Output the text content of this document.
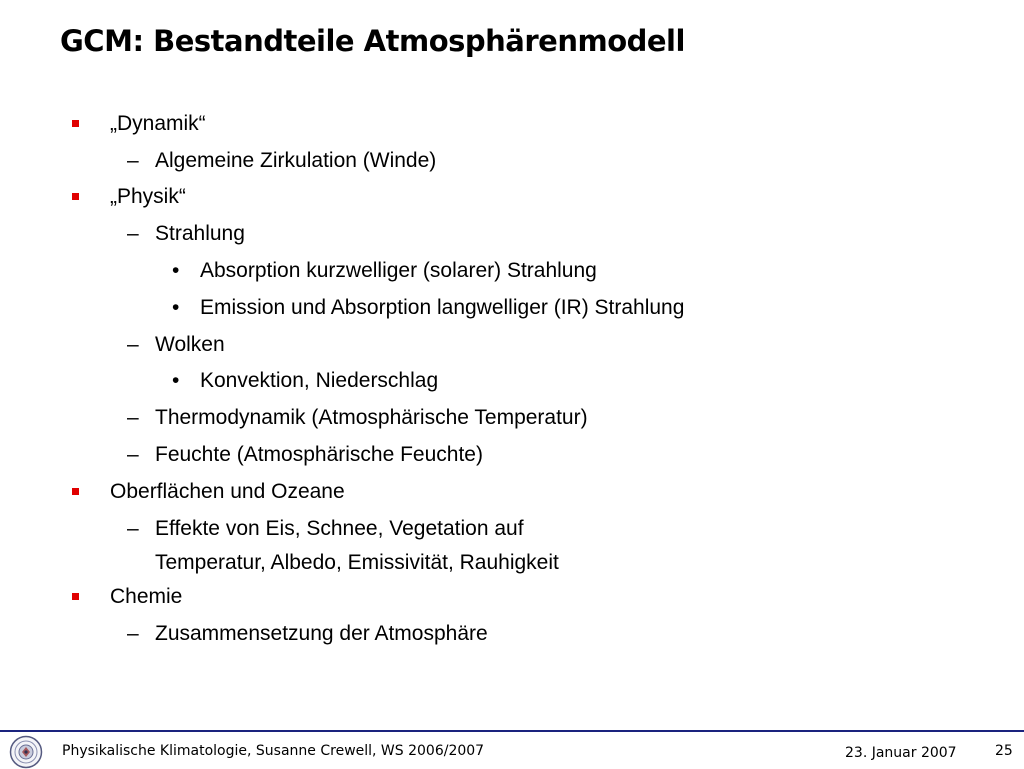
GCM: Bestandteile Atmosphärenmodell
„Dynamik“
– Algemeine Zirkulation (Winde)
„Physik“
– Strahlung
• Absorption kurzwelliger (solarer) Strahlung
• Emission und Absorption langwelliger (IR) Strahlung
– Wolken
• Konvektion, Niederschlag
– Thermodynamik (Atmosphärische Temperatur)
– Feuchte (Atmosphärische Feuchte)
Oberflächen und Ozeane
– Effekte von Eis, Schnee, Vegetation auf
Temperatur, Albedo, Emissivität, Rauhigkeit
Chemie
– Zusammensetzung der Atmosphäre
Physikalische Klimatologie, Susanne Crewell, WS 2006/2007	23. Januar 2007	25
